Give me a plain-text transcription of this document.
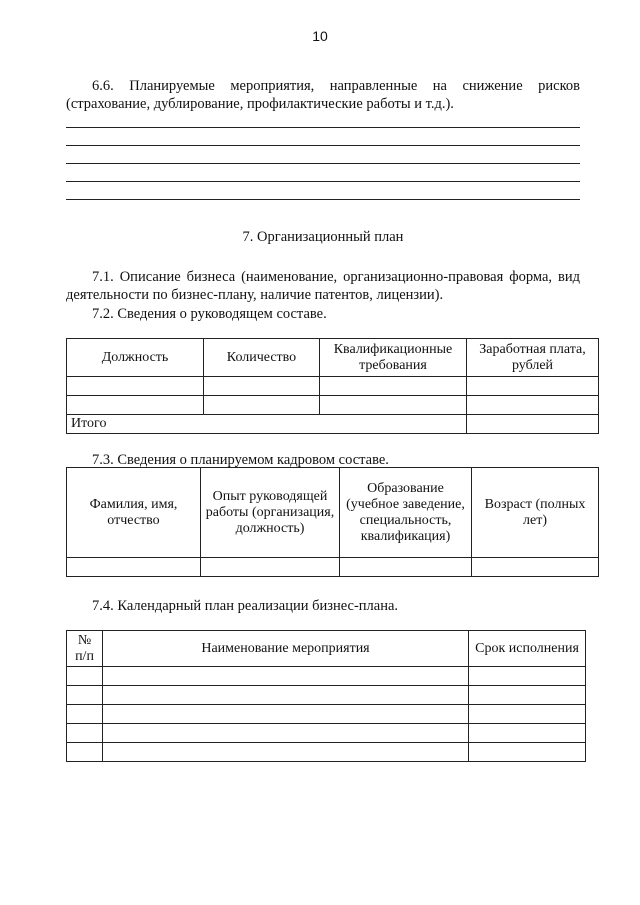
10
6.6. Планируемые мероприятия, направленные на снижение рисков
(страхование, дублирование, профилактические работы и т.д.).
7. Организационный план
7.1. Описание бизнеса (наименование, организационно-правовая форма, вид
деятельности по бизнес-плану, наличие патентов, лицензии).
7.2. Сведения о руководящем составе.
Должность	Количество	Квалификационные требования	Заработная плата, рублей

Итого			
7.3. Сведения о планируемом кадровом составе.
Фамилия, имя, отчество	Опыт руководящей работы (организация, должность)	Образование (учебное заведение, специальность, квалификация)	Возраст (полных лет)

7.4. Календарный план реализации бизнес-плана.
№ п/п	Наименование мероприятия	Срок исполнения
